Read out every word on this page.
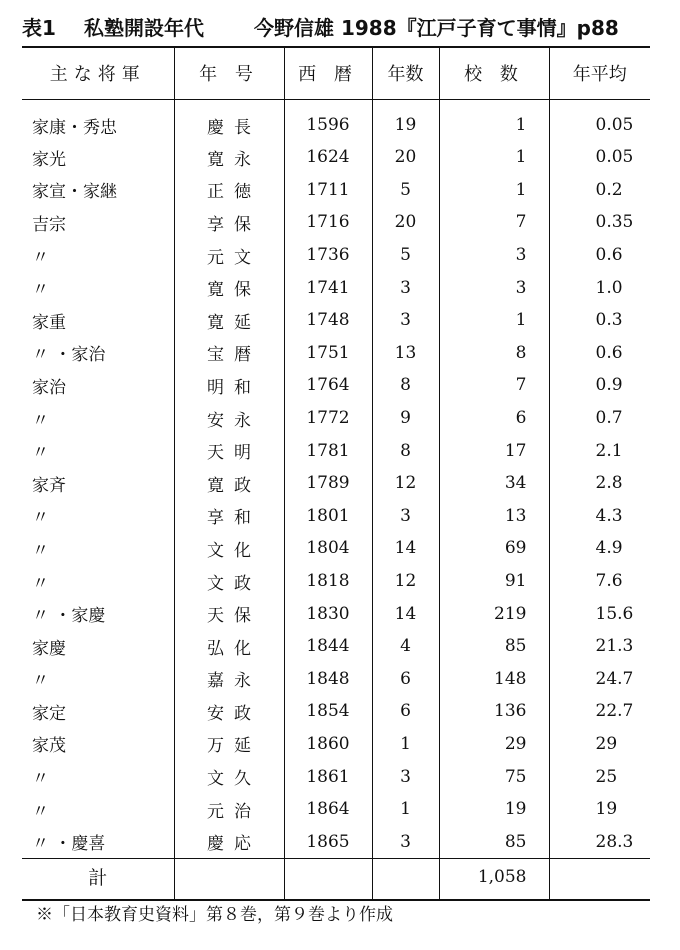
表1 私塾開設年代	今野信雄 1988『江戸子育て事情』p88
主な将軍	年 号	西 暦	年数	校 数	年平均
家康・秀忠	慶長	1596	19	1	0.05
家光	寛永	1624	20	1	0.05
家宣・家継	正徳	1711	5	1	0.2
吉宗	享保	1716	20	7	0.35
〃	元文	1736	5	3	0.6
〃	寛保	1741	3	3	1.0
家重	寛延	1748	3	1	0.3
〃 ・家治	宝暦	1751	13	8	0.6
家治	明和	1764	8	7	0.9
〃	安永	1772	9	6	0.7
〃	天明	1781	8	17	2.1
家斉	寛政	1789	12	34	2.8
〃	享和	1801	3	13	4.3
〃	文化	1804	14	69	4.9
〃	文政	1818	12	91	7.6
〃 ・家慶	天保	1830	14	219	15.6
家慶	弘化	1844	4	85	21.3
〃	嘉永	1848	6	148	24.7
家定	安政	1854	6	136	22.7
家茂	万延	1860	1	29	29
〃	文久	1861	3	75	25
〃	元治	1864	1	19	19
〃 ・慶喜	慶応	1865	3	85	28.3
計				1,058	
※「日本教育史資料」第８巻，第９巻より作成
